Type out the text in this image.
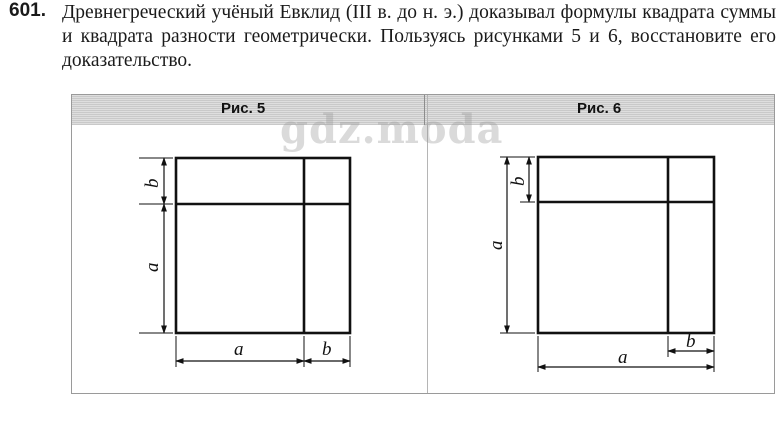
601. Древнегреческий учёный Евклид (III в. до н. э.) доказывал формулы квадрата суммы и квадрата разности геометрически. Пользуясь рисунками 5 и 6, восстановите его доказательство.
Рис. 5	Рис. 6
gdz.moda
a	b
b
a
b
a
b
a
